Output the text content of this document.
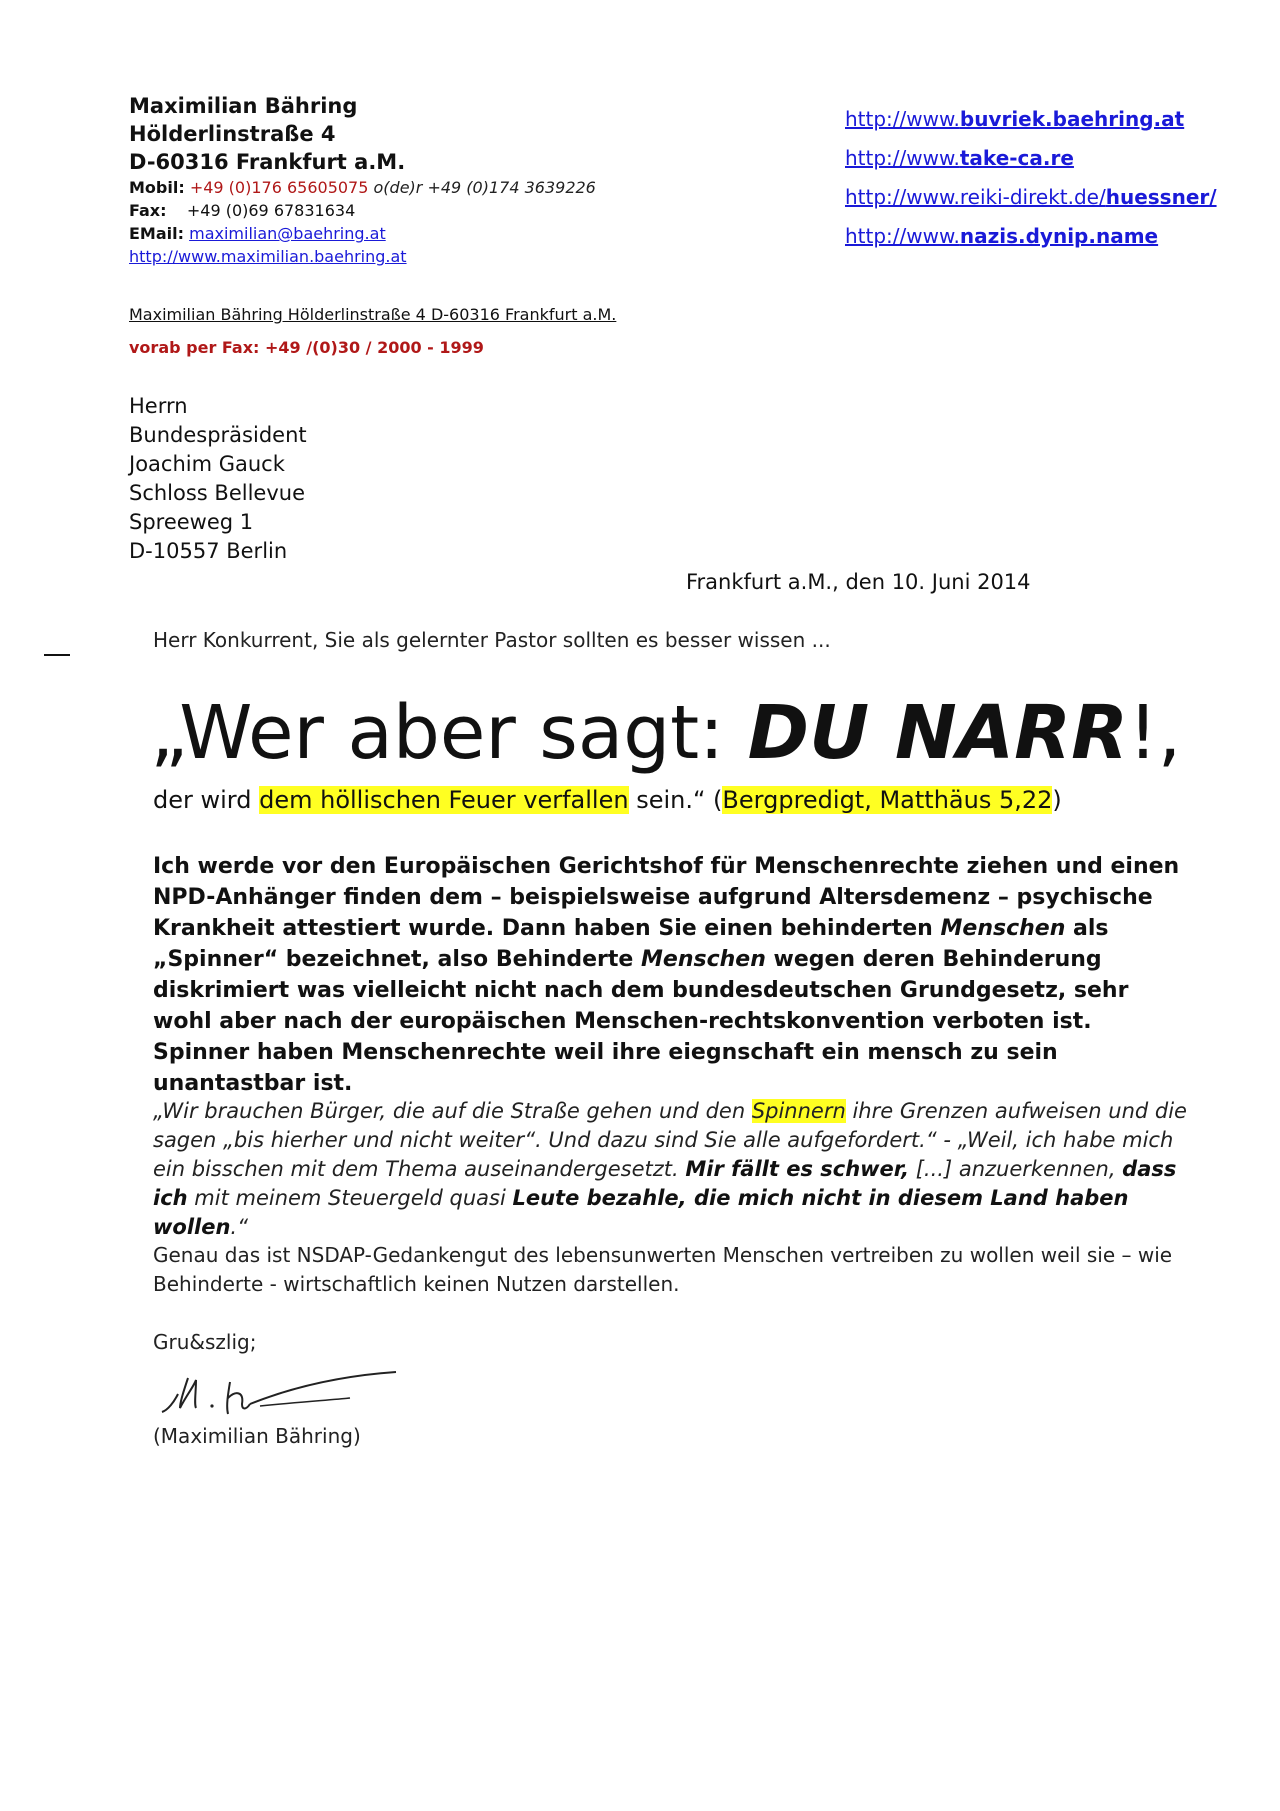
Maximilian Bähring
Hölderlinstraße 4
D-60316 Frankfurt a.M.
Mobil: +49 (0)176 65605075 o(de)r +49 (0)174 3639226
Fax: +49 (0)69 67831634
EMail: maximilian@baehring.at
http://www.maximilian.baehring.at
http://www.buvriek.baehring.at
http://www.take-ca.re
http://www.reiki-direkt.de/huessner/
http://www.nazis.dynip.name
Maximilian Bähring Hölderlinstraße 4 D-60316 Frankfurt a.M.
vorab per Fax: +49 /(0)30 / 2000 - 1999
Herrn
Bundespräsident
Joachim Gauck
Schloss Bellevue
Spreeweg 1
D-10557 Berlin
Frankfurt a.M., den 10. Juni 2014
Herr Konkurrent, Sie als gelernter Pastor sollten es besser wissen ...
„Wer aber sagt: DU NARR!,
der wird dem höllischen Feuer verfallen sein.“ (Bergpredigt, Matthäus 5,22)
Ich werde vor den Europäischen Gerichtshof für Menschenrechte ziehen und einen NPD-Anhänger finden dem – beispielsweise aufgrund Altersdemenz – psychische Krankheit attestiert wurde. Dann haben Sie einen behinderten Menschen als „Spinner“ bezeichnet, also Behinderte Menschen wegen deren Behinderung diskrimiert was vielleicht nicht nach dem bundesdeutschen Grundgesetz, sehr wohl aber nach der europäischen Menschen-rechtskonvention verboten ist. Spinner haben Menschenrechte weil ihre eiegnschaft ein mensch zu sein unantastbar ist.
„Wir brauchen Bürger, die auf die Straße gehen und den Spinnern ihre Grenzen aufweisen und die sagen „bis hierher und nicht weiter“. Und dazu sind Sie alle aufgefordert.“ - „Weil, ich habe mich ein bisschen mit dem Thema auseinandergesetzt. Mir fällt es schwer, [...] anzuerkennen, dass ich mit meinem Steuergeld quasi Leute bezahle, die mich nicht in diesem Land haben wollen.“
Genau das ist NSDAP-Gedankengut des lebensunwerten Menschen vertreiben zu wollen weil sie – wie Behinderte - wirtschaftlich keinen Nutzen darstellen.
Gru&szlig;
(Maximilian Bähring)
